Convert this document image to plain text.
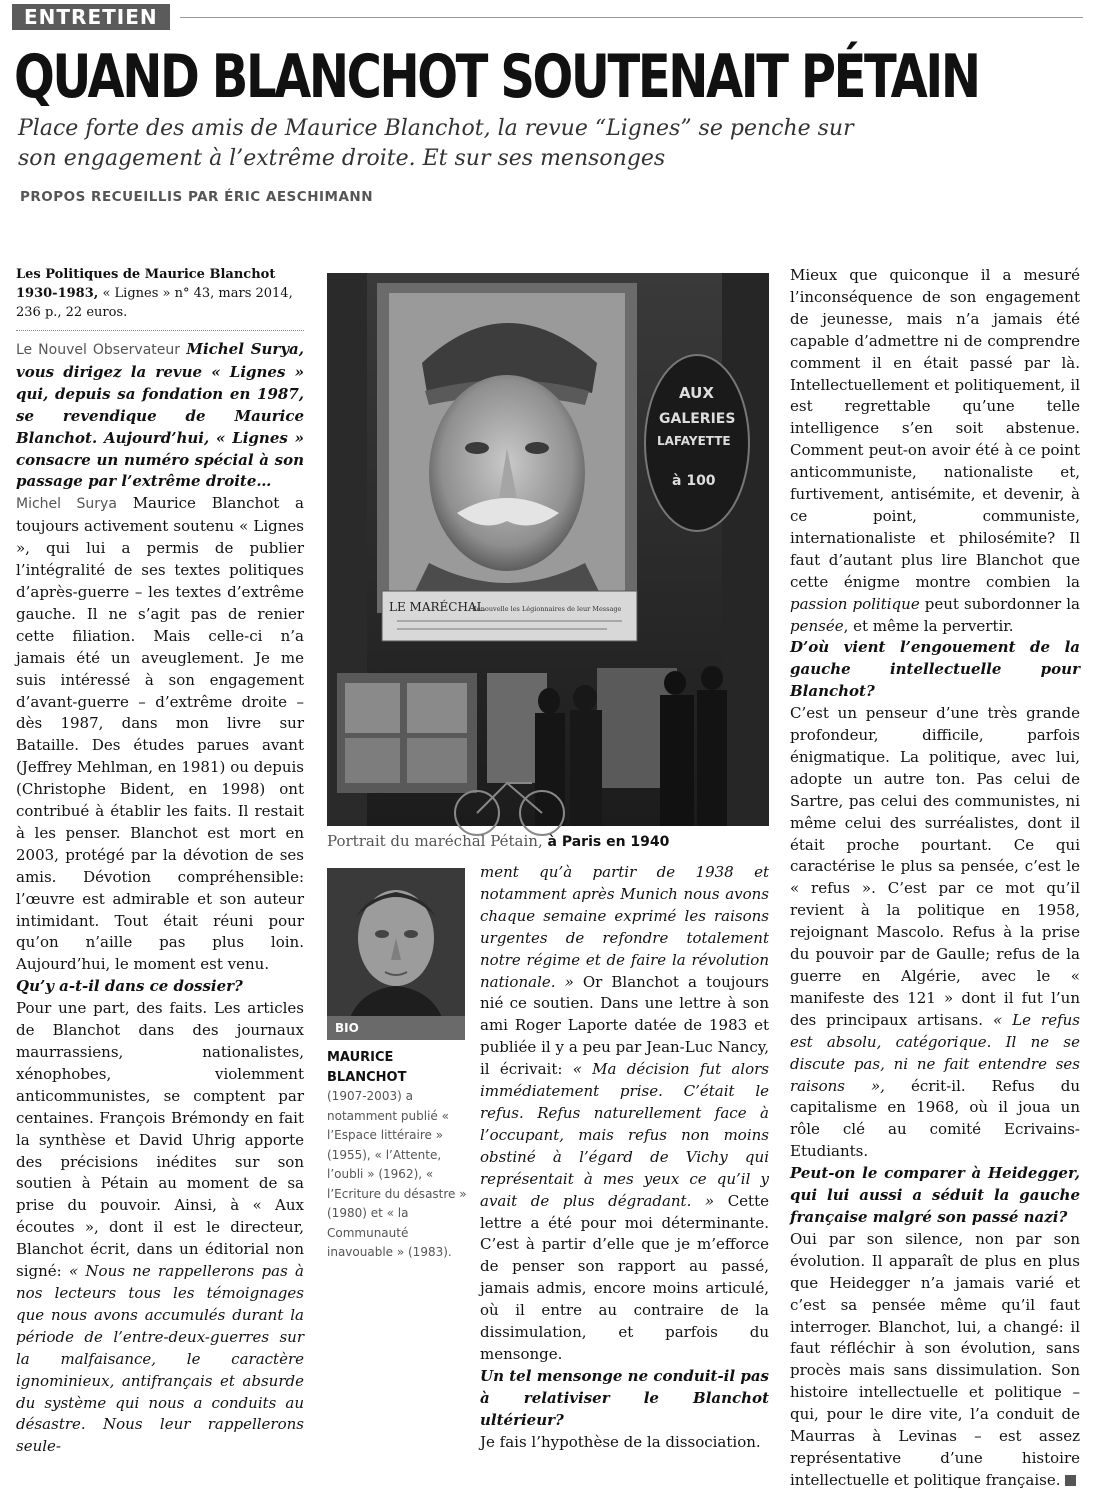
ENTRETIEN
QUAND BLANCHOT SOUTENAIT PÉTAIN
Place forte des amis de Maurice Blanchot, la revue “Lignes” se penche sur son engagement à l’extrême droite. Et sur ses mensonges
PROPOS RECUEILLIS PAR ÉRIC AESCHIMANN
Les Politiques de Maurice Blanchot 1930-1983, « Lignes » n° 43, mars 2014, 236 p., 22 euros.

Le Nouvel Observateur Michel Surya, vous dirigez la revue « Lignes » qui, depuis sa fondation en 1987, se revendique de Maurice Blanchot. Aujourd’hui, « Lignes » consacre un numéro spécial à son passage par l’extrême droite…

Michel Surya Maurice Blanchot a toujours activement soutenu « Lignes », qui lui a permis de publier l’intégralité de ses textes politiques d’après-guerre – les textes d’extrême gauche. Il ne s’agit pas de renier cette filiation. Mais celle-ci n’a jamais été un aveuglement. Je me suis intéressé à son engagement d’avant-guerre – d’extrême droite – dès 1987, dans mon livre sur Bataille. Des études parues avant (Jeffrey Mehlman, en 1981) ou depuis (Christophe Bident, en 1998) ont contribué à établir les faits. Il restait à les penser. Blanchot est mort en 2003, protégé par la dévotion de ses amis. Dévotion compréhensible: l’œuvre est admirable et son auteur intimidant. Tout était réuni pour qu’on n’aille pas plus loin. Aujourd’hui, le moment est venu.

Qu’y a-t-il dans ce dossier?

Pour une part, des faits. Les articles de Blanchot dans des journaux maurrassiens, nationalistes, xénophobes, violemment anticommunistes, se comptent par centaines. François Brémondy en fait la synthèse et David Uhrig apporte des précisions inédites sur son soutien à Pétain au moment de sa prise du pouvoir. Ainsi, à « Aux écoutes », dont il est le directeur, Blanchot écrit, dans un éditorial non signé: « Nous ne rappellerons pas à nos lecteurs tous les témoignages que nous avons accumulés durant la période de l’entre-deux-guerres sur la malfaisance, le caractère ignominieux, antifrançais et absurde du système qui nous a conduits au désastre. Nous leur rappellerons seule-

LE MARÉCHAL
Renouvelle les Légionnaires de leur Message
AUX
GALERIES
LAFAYETTE
à 100
Portrait du maréchal Pétain, à Paris en 1940
BIO
MAURICE BLANCHOT
(1907-2003) a notamment publié « l’Espace littéraire » (1955), « l’Attente, l’oubli » (1962), « l’Ecriture du désastre » (1980) et « la Communauté inavouable » (1983).

ment qu’à partir de 1938 et notamment après Munich nous avons chaque semaine exprimé les raisons urgentes de refondre totalement notre régime et de faire la révolution nationale. » Or Blanchot a toujours nié ce soutien. Dans une lettre à son ami Roger Laporte datée de 1983 et publiée il y a peu par Jean-Luc Nancy, il écrivait: « Ma décision fut alors immédiatement prise. C’était le refus. Refus naturellement face à l’occupant, mais refus non moins obstiné à l’égard de Vichy qui représentait à mes yeux ce qu’il y avait de plus dégradant. » Cette lettre a été pour moi déterminante. C’est à partir d’elle que je m’efforce de penser son rapport au passé, jamais admis, encore moins articulé, où il entre au contraire de la dissimulation, et parfois du mensonge.

Un tel mensonge ne conduit-il pas à relativiser le Blanchot ultérieur?

Je fais l’hypothèse de la dissociation.

Mieux que quiconque il a mesuré l’inconséquence de son engagement de jeunesse, mais n’a jamais été capable d’admettre ni de comprendre comment il en était passé par là. Intellectuellement et politiquement, il est regrettable qu’une telle intelligence s’en soit abstenue. Comment peut-on avoir été à ce point anticommuniste, nationaliste et, furtivement, antisémite, et devenir, à ce point, communiste, internationaliste et philosémite? Il faut d’autant plus lire Blanchot que cette énigme montre combien la passion politique peut subordonner la pensée, et même la pervertir.

D’où vient l’engouement de la gauche intellectuelle pour Blanchot?

C’est un penseur d’une très grande profondeur, difficile, parfois énigmatique. La politique, avec lui, adopte un autre ton. Pas celui de Sartre, pas celui des communistes, ni même celui des surréalistes, dont il était proche pourtant. Ce qui caractérise le plus sa pensée, c’est le « refus ». C’est par ce mot qu’il revient à la politique en 1958, rejoignant Mascolo. Refus à la prise du pouvoir par de Gaulle; refus de la guerre en Algérie, avec le « manifeste des 121 » dont il fut l’un des principaux artisans. « Le refus est absolu, catégorique. Il ne se discute pas, ni ne fait entendre ses raisons », écrit-il. Refus du capitalisme en 1968, où il joua un rôle clé au comité Ecrivains-Etudiants.

Peut-on le comparer à Heidegger, qui lui aussi a séduit la gauche française malgré son passé nazi?

Oui par son silence, non par son évolution. Il apparaît de plus en plus que Heidegger n’a jamais varié et c’est sa pensée même qu’il faut interroger. Blanchot, lui, a changé: il faut réfléchir à son évolution, sans procès mais sans dissimulation. Son histoire intellectuelle et politique – qui, pour le dire vite, l’a conduit de Maurras à Levinas – est assez représentative d’une histoire intellectuelle et politique française.
